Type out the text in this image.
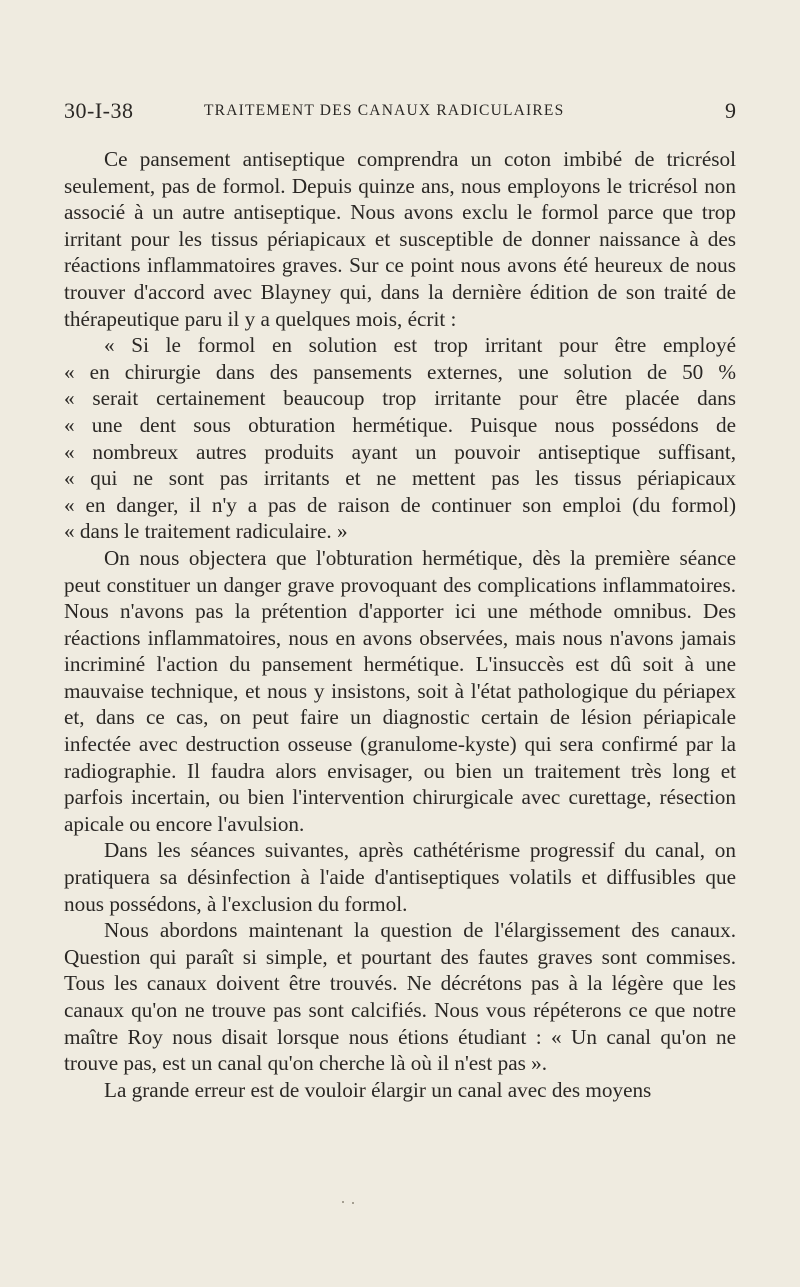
30-I-38	TRAITEMENT DES CANAUX RADICULAIRES	9

Ce pansement antiseptique comprendra un coton imbibé de tricrésol seulement, pas de formol. Depuis quinze ans, nous employons le tricrésol non associé à un autre antiseptique. Nous avons exclu le formol parce que trop irritant pour les tissus périapicaux et susceptible de donner naissance à des réactions inflammatoires graves. Sur ce point nous avons été heureux de nous trouver d'accord avec Blayney qui, dans la dernière édition de son traité de thérapeutique paru il y a quelques mois, écrit :

« Si le formol en solution est trop irritant pour être employé
« en chirurgie dans des pansements externes, une solution de 50 %
« serait certainement beaucoup trop irritante pour être placée dans
« une dent sous obturation hermétique. Puisque nous possédons de
« nombreux autres produits ayant un pouvoir antiseptique suffisant,
« qui ne sont pas irritants et ne mettent pas les tissus périapicaux
« en danger, il n'y a pas de raison de continuer son emploi (du formol)
« dans le traitement radiculaire. »

On nous objectera que l'obturation hermétique, dès la première séance peut constituer un danger grave provoquant des complications inflammatoires. Nous n'avons pas la prétention d'apporter ici une méthode omnibus. Des réactions inflammatoires, nous en avons observées, mais nous n'avons jamais incriminé l'action du pansement hermétique. L'insuccès est dû soit à une mauvaise technique, et nous y insistons, soit à l'état pathologique du périapex et, dans ce cas, on peut faire un diagnostic certain de lésion périapicale infectée avec destruction osseuse (granulome-kyste) qui sera confirmé par la radiographie. Il faudra alors envisager, ou bien un traitement très long et parfois incertain, ou bien l'intervention chirurgicale avec curettage, résection apicale ou encore l'avulsion.

Dans les séances suivantes, après cathétérisme progressif du canal, on pratiquera sa désinfection à l'aide d'antiseptiques volatils et diffusibles que nous possédons, à l'exclusion du formol.

Nous abordons maintenant la question de l'élargissement des canaux. Question qui paraît si simple, et pourtant des fautes graves sont commises. Tous les canaux doivent être trouvés. Ne décrétons pas à la légère que les canaux qu'on ne trouve pas sont calcifiés. Nous vous répéterons ce que notre maître Roy nous disait lorsque nous étions étudiant : « Un canal qu'on ne trouve pas, est un canal qu'on cherche là où il n'est pas ».

La grande erreur est de vouloir élargir un canal avec des moyens
